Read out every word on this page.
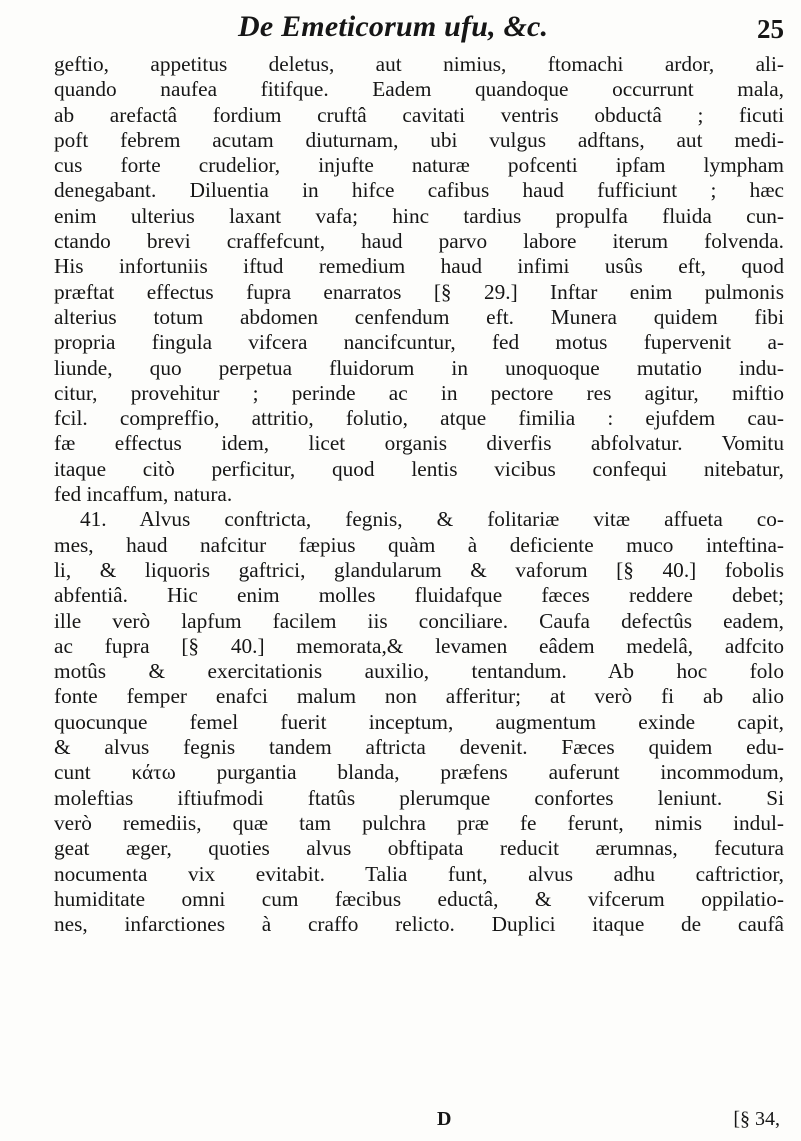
De Emeticorum ufu, &c.	25
geftio, appetitus deletus, aut nimius, ftomachi ardor, ali-
quando naufea fitifque. Eadem quandoque occurrunt mala,
ab arefactâ fordium cruftâ cavitati ventris obductâ ; ficuti
poft febrem acutam diuturnam, ubi vulgus adftans, aut medi-
cus forte crudelior, injufte naturæ pofcenti ipfam lympham
denegabant. Diluentia in hifce cafibus haud fufficiunt ; hæc
enim ulterius laxant vafa; hinc tardius propulfa fluida cun-
ctando brevi craffefcunt, haud parvo labore iterum folvenda.
His infortuniis iftud remedium haud infimi usûs eft, quod
præftat effectus fupra enarratos [§ 29.] Inftar enim pulmonis
alterius totum abdomen cenfendum eft. Munera quidem fibi
propria fingula vifcera nancifcuntur, fed motus fupervenit a-
liunde, quo perpetua fluidorum in unoquoque mutatio indu-
citur, provehitur ; perinde ac in pectore res agitur, miftio
fcil. compreffio, attritio, folutio, atque fimilia : ejufdem cau-
fæ effectus idem, licet organis diverfis abfolvatur. Vomitu
itaque citò perficitur, quod lentis vicibus confequi nitebatur,
fed incaffum, natura.
41. Alvus conftricta, fegnis, & folitariæ vitæ affueta co-
mes, haud nafcitur fæpius quàm à deficiente muco inteftina-
li, & liquoris gaftrici, glandularum & vaforum [§ 40.] fobolis
abfentiâ. Hic enim molles fluidafque fæces reddere debet;
ille verò lapfum facilem iis conciliare. Caufa defectûs eadem,
ac fupra [§ 40.] memorata,& levamen eâdem medelâ, adfcito
motûs & exercitationis auxilio, tentandum. Ab hoc folo
fonte femper enafci malum non afferitur; at verò fi ab alio
quocunque femel fuerit inceptum, augmentum exinde capit,
& alvus fegnis tandem aftricta devenit. Fæces quidem edu-
cunt κάτω purgantia blanda, præfens auferunt incommodum,
moleftias iftiufmodi ftatûs plerumque confortes leniunt. Si
verò remediis, quæ tam pulchra præ fe ferunt, nimis indul-
geat æger, quoties alvus obftipata reducit ærumnas, fecutura
nocumenta vix evitabit. Talia funt, alvus adhu caftrictior,
humiditate omni cum fæcibus eductâ, & vifcerum oppilatio-
nes, infarctiones à craffo relicto. Duplici itaque de caufâ
D	[§ 34,
